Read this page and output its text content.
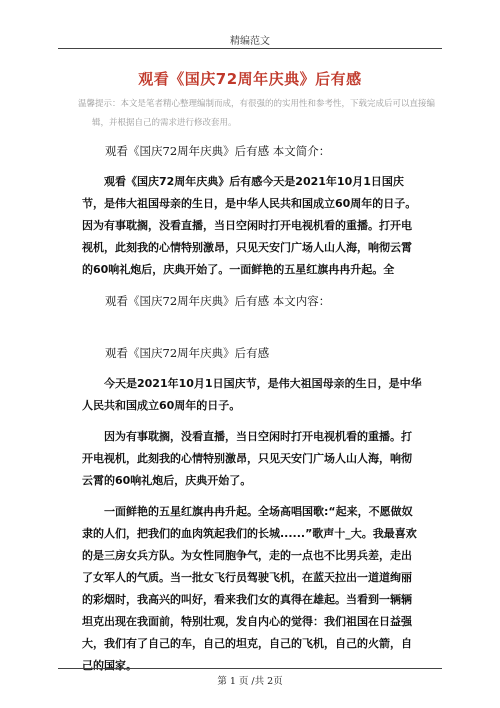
精编范文
观看《国庆72周年庆典》后有感
温馨提示：本文是笔者精心整理编制而成，有很强的的实用性和参考性，下载完成后可以直接编辑，并根据自己的需求进行修改套用。

观看《国庆72周年庆典》后有感 本文简介：

观看《国庆72周年庆典》后有感今天是2021年10月1日国庆节，是伟大祖国母亲的生日，是中华人民共和国成立60周年的日子。因为有事耽搁，没看直播，当日空闲时打开电视机看的重播。打开电视机，此刻我的心情特别激昂，只见天安门广场人山人海，响彻云霄的60响礼炮后，庆典开始了。一面鲜艳的五星红旗冉冉升起。全

观看《国庆72周年庆典》后有感 本文内容：

观看《国庆72周年庆典》后有感

今天是2021年10月1日国庆节，是伟大祖国母亲的生日，是中华人民共和国成立60周年的日子。

因为有事耽搁，没看直播，当日空闲时打开电视机看的重播。打开电视机，此刻我的心情特别激昂，只见天安门广场人山人海，响彻云霄的60响礼炮后，庆典开始了。

一面鲜艳的五星红旗冉冉升起。全场高唱国歌:“起来，不愿做奴隶的人们，把我们的血肉筑起我们的长城......”歌声十_大。我最喜欢的是三房女兵方队。为女性同胞争气，走的一点也不比男兵差，走出了女军人的气质。当一批女飞行员驾驶飞机，在蓝天拉出一道道绚丽的彩烟时，我高兴的叫好，看来我们女的真得在雄起。当看到一辆辆坦克出现在我面前，特别壮观，发自内心的觉得：我们祖国在日益强大，我们有了自己的车，自己的坦克，自己的飞机，自己的火箭，自己的国家。

第 1 页 /共 2页
